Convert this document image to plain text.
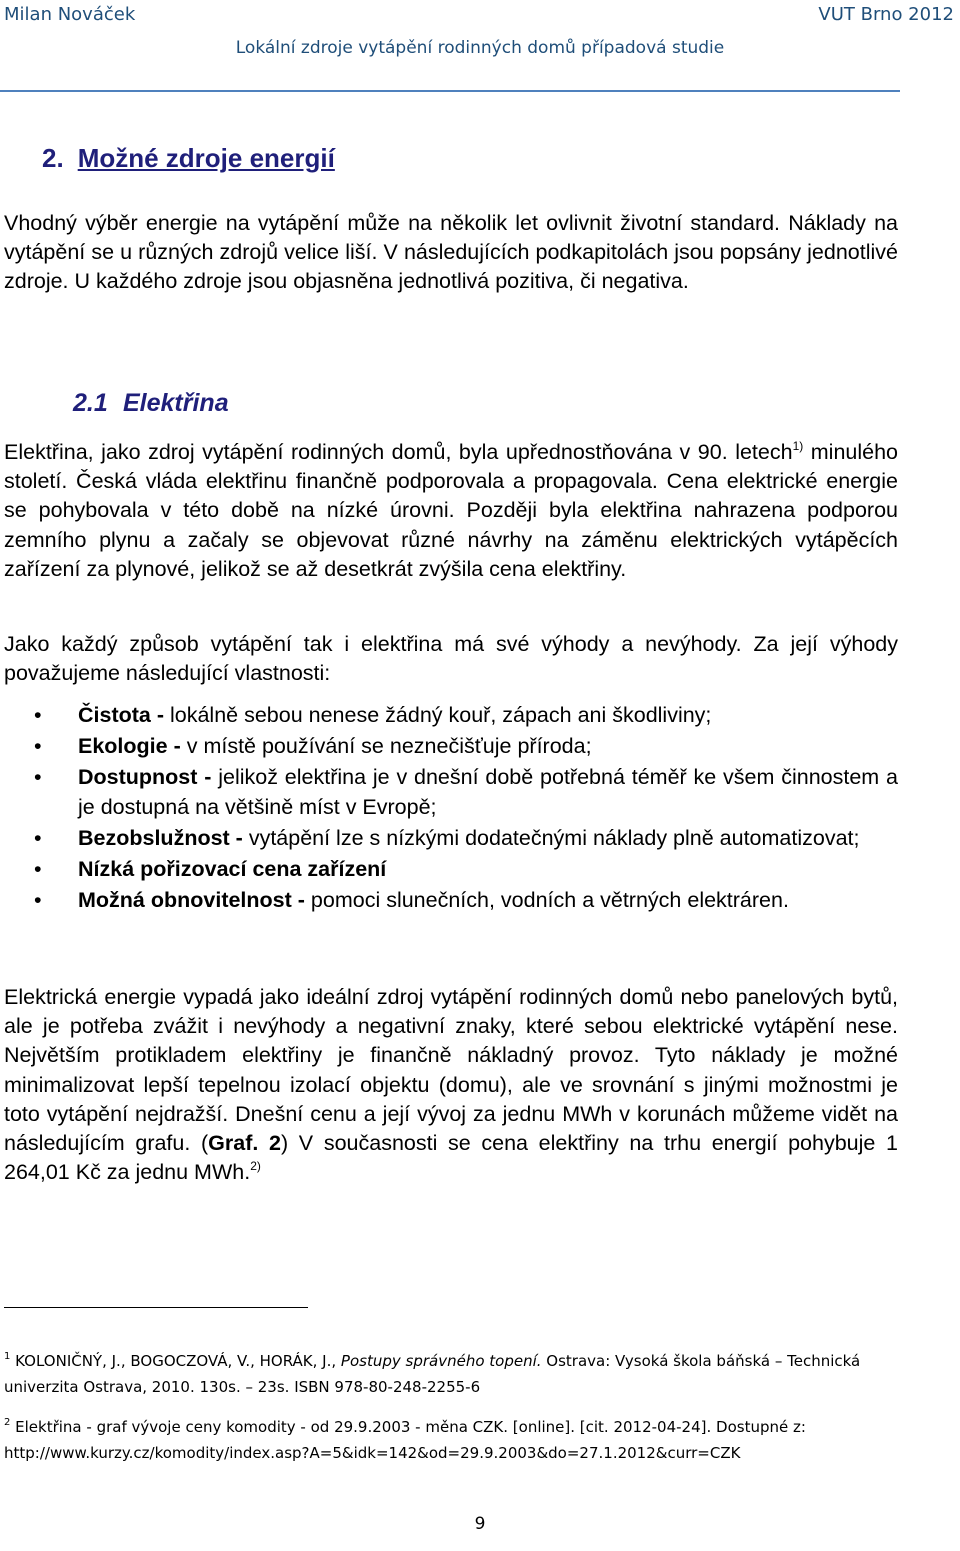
Milan Nováček	VUT Brno 2012
Lokální zdroje vytápění rodinných domů případová studie
2. Možné zdroje energií

Vhodný výběr energie na vytápění může na několik let ovlivnit životní standard. Náklady na vytápění se u různých zdrojů velice liší. V následujících podkapitolách jsou popsány jednotlivé zdroje. U každého zdroje jsou objasněna jednotlivá pozitiva, či negativa.

2.1 Elektřina

Elektřina, jako zdroj vytápění rodinných domů, byla upřednostňována v 90. letech$^{1)}$ minulého století. Česká vláda elektřinu finančně podporovala a propagovala. Cena elektrické energie se pohybovala v této době na nízké úrovni. Později byla elektřina nahrazena podporou zemního plynu a začaly se objevovat různé návrhy na záměnu elektrických vytápěcích zařízení za plynové, jelikož se až desetkrát zvýšila cena elektřiny.

Jako každý způsob vytápění tak i elektřina má své výhody a nevýhody. Za její výhody považujeme následující vlastnosti:

• Čistota - lokálně sebou nenese žádný kouř, zápach ani škodliviny;
• Ekologie - v místě používání se neznečišťuje příroda;
• Dostupnost - jelikož elektřina je v dnešní době potřebná téměř ke všem činnostem a je dostupná na většině míst v Evropě;
• Bezobslužnost - vytápění lze s nízkými dodatečnými náklady plně automatizovat;
• Nízká pořizovací cena zařízení
• Možná obnovitelnost - pomoci slunečních, vodních a větrných elektráren.

Elektrická energie vypadá jako ideální zdroj vytápění rodinných domů nebo panelových bytů, ale je potřeba zvážit i nevýhody a negativní znaky, které sebou elektrické vytápění nese. Největším protikladem elektřiny je finančně nákladný provoz. Tyto náklady je možné minimalizovat lepší tepelnou izolací objektu (domu), ale ve srovnání s jinými možnostmi je toto vytápění nejdražší. Dnešní cenu a její vývoj za jednu MWh v korunách můžeme vidět na následujícím grafu. (Graf. 2) V současnosti se cena elektřiny na trhu energií pohybuje 1 264,01 Kč za jednu MWh.$^{2)}$

$^1$ KOLONIČNÝ, J., BOGOCZOVÁ, V., HORÁK, J., Postupy správného topení. Ostrava: Vysoká škola báňská – Technická univerzita Ostrava, 2010. 130s. – 23s. ISBN 978-80-248-2255-6

$^2$ Elektřina - graf vývoje ceny komodity - od 29.9.2003 - měna CZK. [online]. [cit. 2012-04-24]. Dostupné z: http://www.kurzy.cz/komodity/index.asp?A=5&idk=142&od=29.9.2003&do=27.1.2012&curr=CZK

9
